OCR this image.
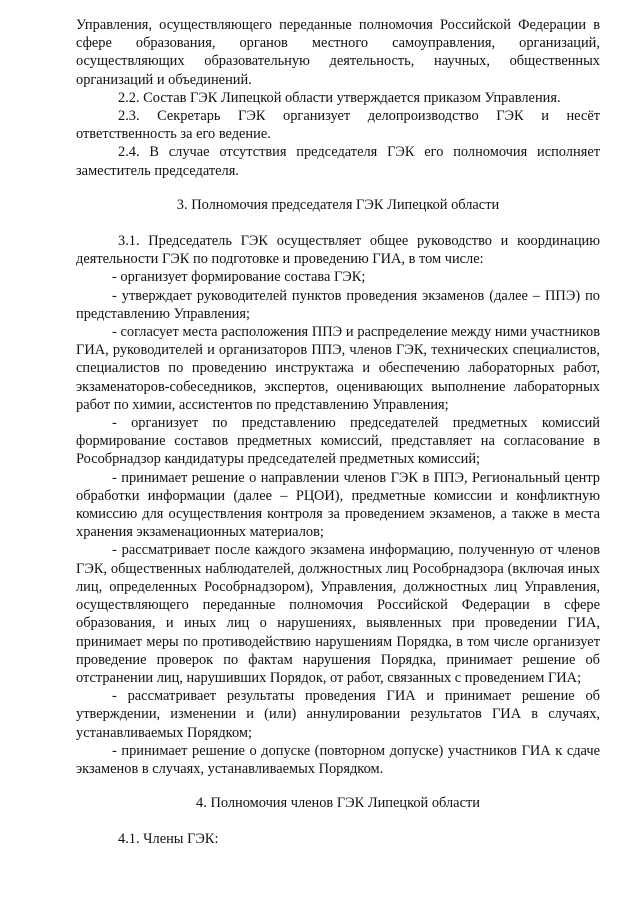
Управления, осуществляющего переданные полномочия Российской Федерации в сфере образования, органов местного самоуправления, организаций, осуществляющих образовательную деятельность, научных, общественных организаций и объединений.

2.2. Состав ГЭК Липецкой области утверждается приказом Управления.

2.3. Секретарь ГЭК организует делопроизводство ГЭК и несёт ответственность за его ведение.

2.4. В случае отсутствия председателя ГЭК его полномочия исполняет заместитель председателя.

3. Полномочия председателя ГЭК Липецкой области

3.1. Председатель ГЭК осуществляет общее руководство и координацию деятельности ГЭК по подготовке и проведению ГИА, в том числе:

- организует формирование состава ГЭК;

- утверждает руководителей пунктов проведения экзаменов (далее – ППЭ) по представлению Управления;

- согласует места расположения ППЭ и распределение между ними участников ГИА, руководителей и организаторов ППЭ, членов ГЭК, технических специалистов, специалистов по проведению инструктажа и обеспечению лабораторных работ, экзаменаторов-собеседников, экспертов, оценивающих выполнение лабораторных работ по химии, ассистентов по представлению Управления;

- организует по представлению председателей предметных комиссий формирование составов предметных комиссий, представляет на согласование в Рособрнадзор кандидатуры председателей предметных комиссий;

- принимает решение о направлении членов ГЭК в ППЭ, Региональный центр обработки информации (далее – РЦОИ), предметные комиссии и конфликтную комиссию для осуществления контроля за проведением экзаменов, а также в места хранения экзаменационных материалов;

- рассматривает после каждого экзамена информацию, полученную от членов ГЭК, общественных наблюдателей, должностных лиц Рособрнадзора (включая иных лиц, определенных Рособрнадзором), Управления, должностных лиц Управления, осуществляющего переданные полномочия Российской Федерации в сфере образования, и иных лиц о нарушениях, выявленных при проведении ГИА, принимает меры по противодействию нарушениям Порядка, в том числе организует проведение проверок по фактам нарушения Порядка, принимает решение об отстранении лиц, нарушивших Порядок, от работ, связанных с проведением ГИА;

- рассматривает результаты проведения ГИА и принимает решение об утверждении, изменении и (или) аннулировании результатов ГИА в случаях, устанавливаемых Порядком;

- принимает решение о допуске (повторном допуске) участников ГИА к сдаче экзаменов в случаях, устанавливаемых Порядком.

4. Полномочия членов ГЭК Липецкой области

4.1. Члены ГЭК:
